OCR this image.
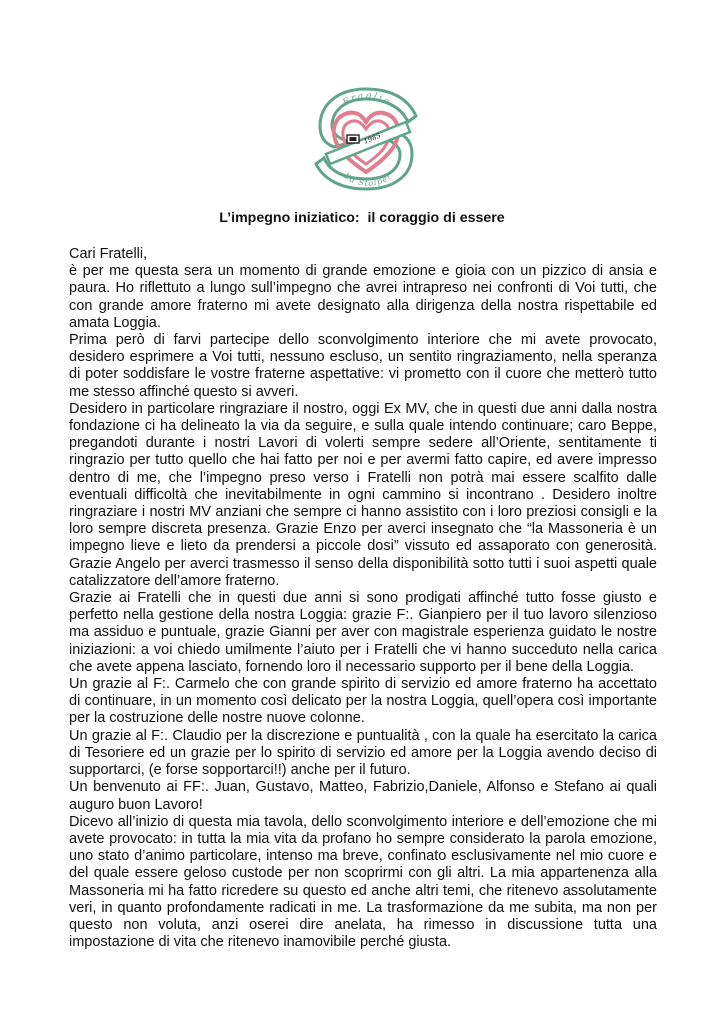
1985
Fraglia
Ed Stolper
L’impegno iniziatico:  il coraggio di essere
Cari Fratelli,
è per me questa sera un momento di grande emozione e gioia con un pizzico di ansia e paura. Ho riflettuto a lungo sull’impegno che avrei intrapreso nei confronti di Voi tutti, che con grande amore fraterno mi avete designato alla dirigenza della nostra rispettabile ed amata Loggia.
Prima però di farvi partecipe dello sconvolgimento interiore che mi avete provocato, desidero esprimere a Voi tutti, nessuno escluso, un sentito ringraziamento, nella speranza di poter soddisfare le vostre fraterne aspettative: vi prometto con il cuore che metterò tutto me stesso affinché questo si avveri.
Desidero in particolare ringraziare il nostro, oggi Ex MV, che in questi due anni dalla nostra fondazione ci ha delineato la via da seguire, e sulla quale intendo continuare; caro Beppe, pregandoti durante i nostri Lavori di volerti sempre sedere all’Oriente, sentitamente ti ringrazio per tutto quello che hai fatto per noi e per avermi fatto capire, ed avere impresso dentro di me, che l’impegno preso verso i Fratelli non potrà mai essere scalfito dalle eventuali difficoltà che inevitabilmente in ogni cammino si incontrano . Desidero inoltre ringraziare i nostri MV anziani che sempre ci hanno assistito con i loro preziosi consigli e la loro sempre discreta presenza. Grazie Enzo per averci insegnato che “la Massoneria è un impegno lieve e lieto da prendersi a piccole dosi” vissuto ed assaporato con generosità. Grazie Angelo per averci trasmesso il senso della disponibilità sotto tutti i suoi aspetti quale catalizzatore dell’amore fraterno.
Grazie ai Fratelli che in questi due anni si sono prodigati affinché tutto fosse giusto e perfetto nella gestione della nostra Loggia: grazie F:. Gianpiero per il tuo lavoro silenzioso ma assiduo e puntuale, grazie Gianni per aver con magistrale esperienza guidato le nostre iniziazioni: a voi chiedo umilmente l’aiuto per i Fratelli che vi hanno succeduto nella carica che avete appena lasciato, fornendo loro il necessario supporto per il bene della Loggia.
Un grazie al F:. Carmelo che con grande spirito di servizio ed amore fraterno ha accettato di continuare, in un momento così delicato per la nostra Loggia, quell’opera così importante per la costruzione delle nostre nuove colonne.
Un grazie al F:. Claudio per la discrezione e puntualità , con la quale ha esercitato la carica di Tesoriere ed un grazie per lo spirito di servizio ed amore per la Loggia avendo deciso di supportarci, (e forse sopportarci!!) anche per il futuro.
Un benvenuto ai FF:. Juan, Gustavo, Matteo, Fabrizio,Daniele, Alfonso e Stefano ai quali auguro buon Lavoro!
Dicevo all’inizio di questa mia tavola, dello sconvolgimento interiore e dell’emozione che mi avete provocato: in tutta la mia vita da profano ho sempre considerato la parola emozione, uno stato d’animo particolare, intenso ma breve, confinato esclusivamente nel mio cuore e del quale essere geloso custode per non scoprirmi con gli altri. La mia appartenenza alla Massoneria mi ha fatto ricredere su questo ed anche altri temi, che ritenevo assolutamente veri, in quanto profondamente radicati in me. La trasformazione da me subita, ma non per questo non voluta, anzi oserei dire anelata, ha rimesso in discussione tutta una impostazione di vita che ritenevo inamovibile perché giusta.
